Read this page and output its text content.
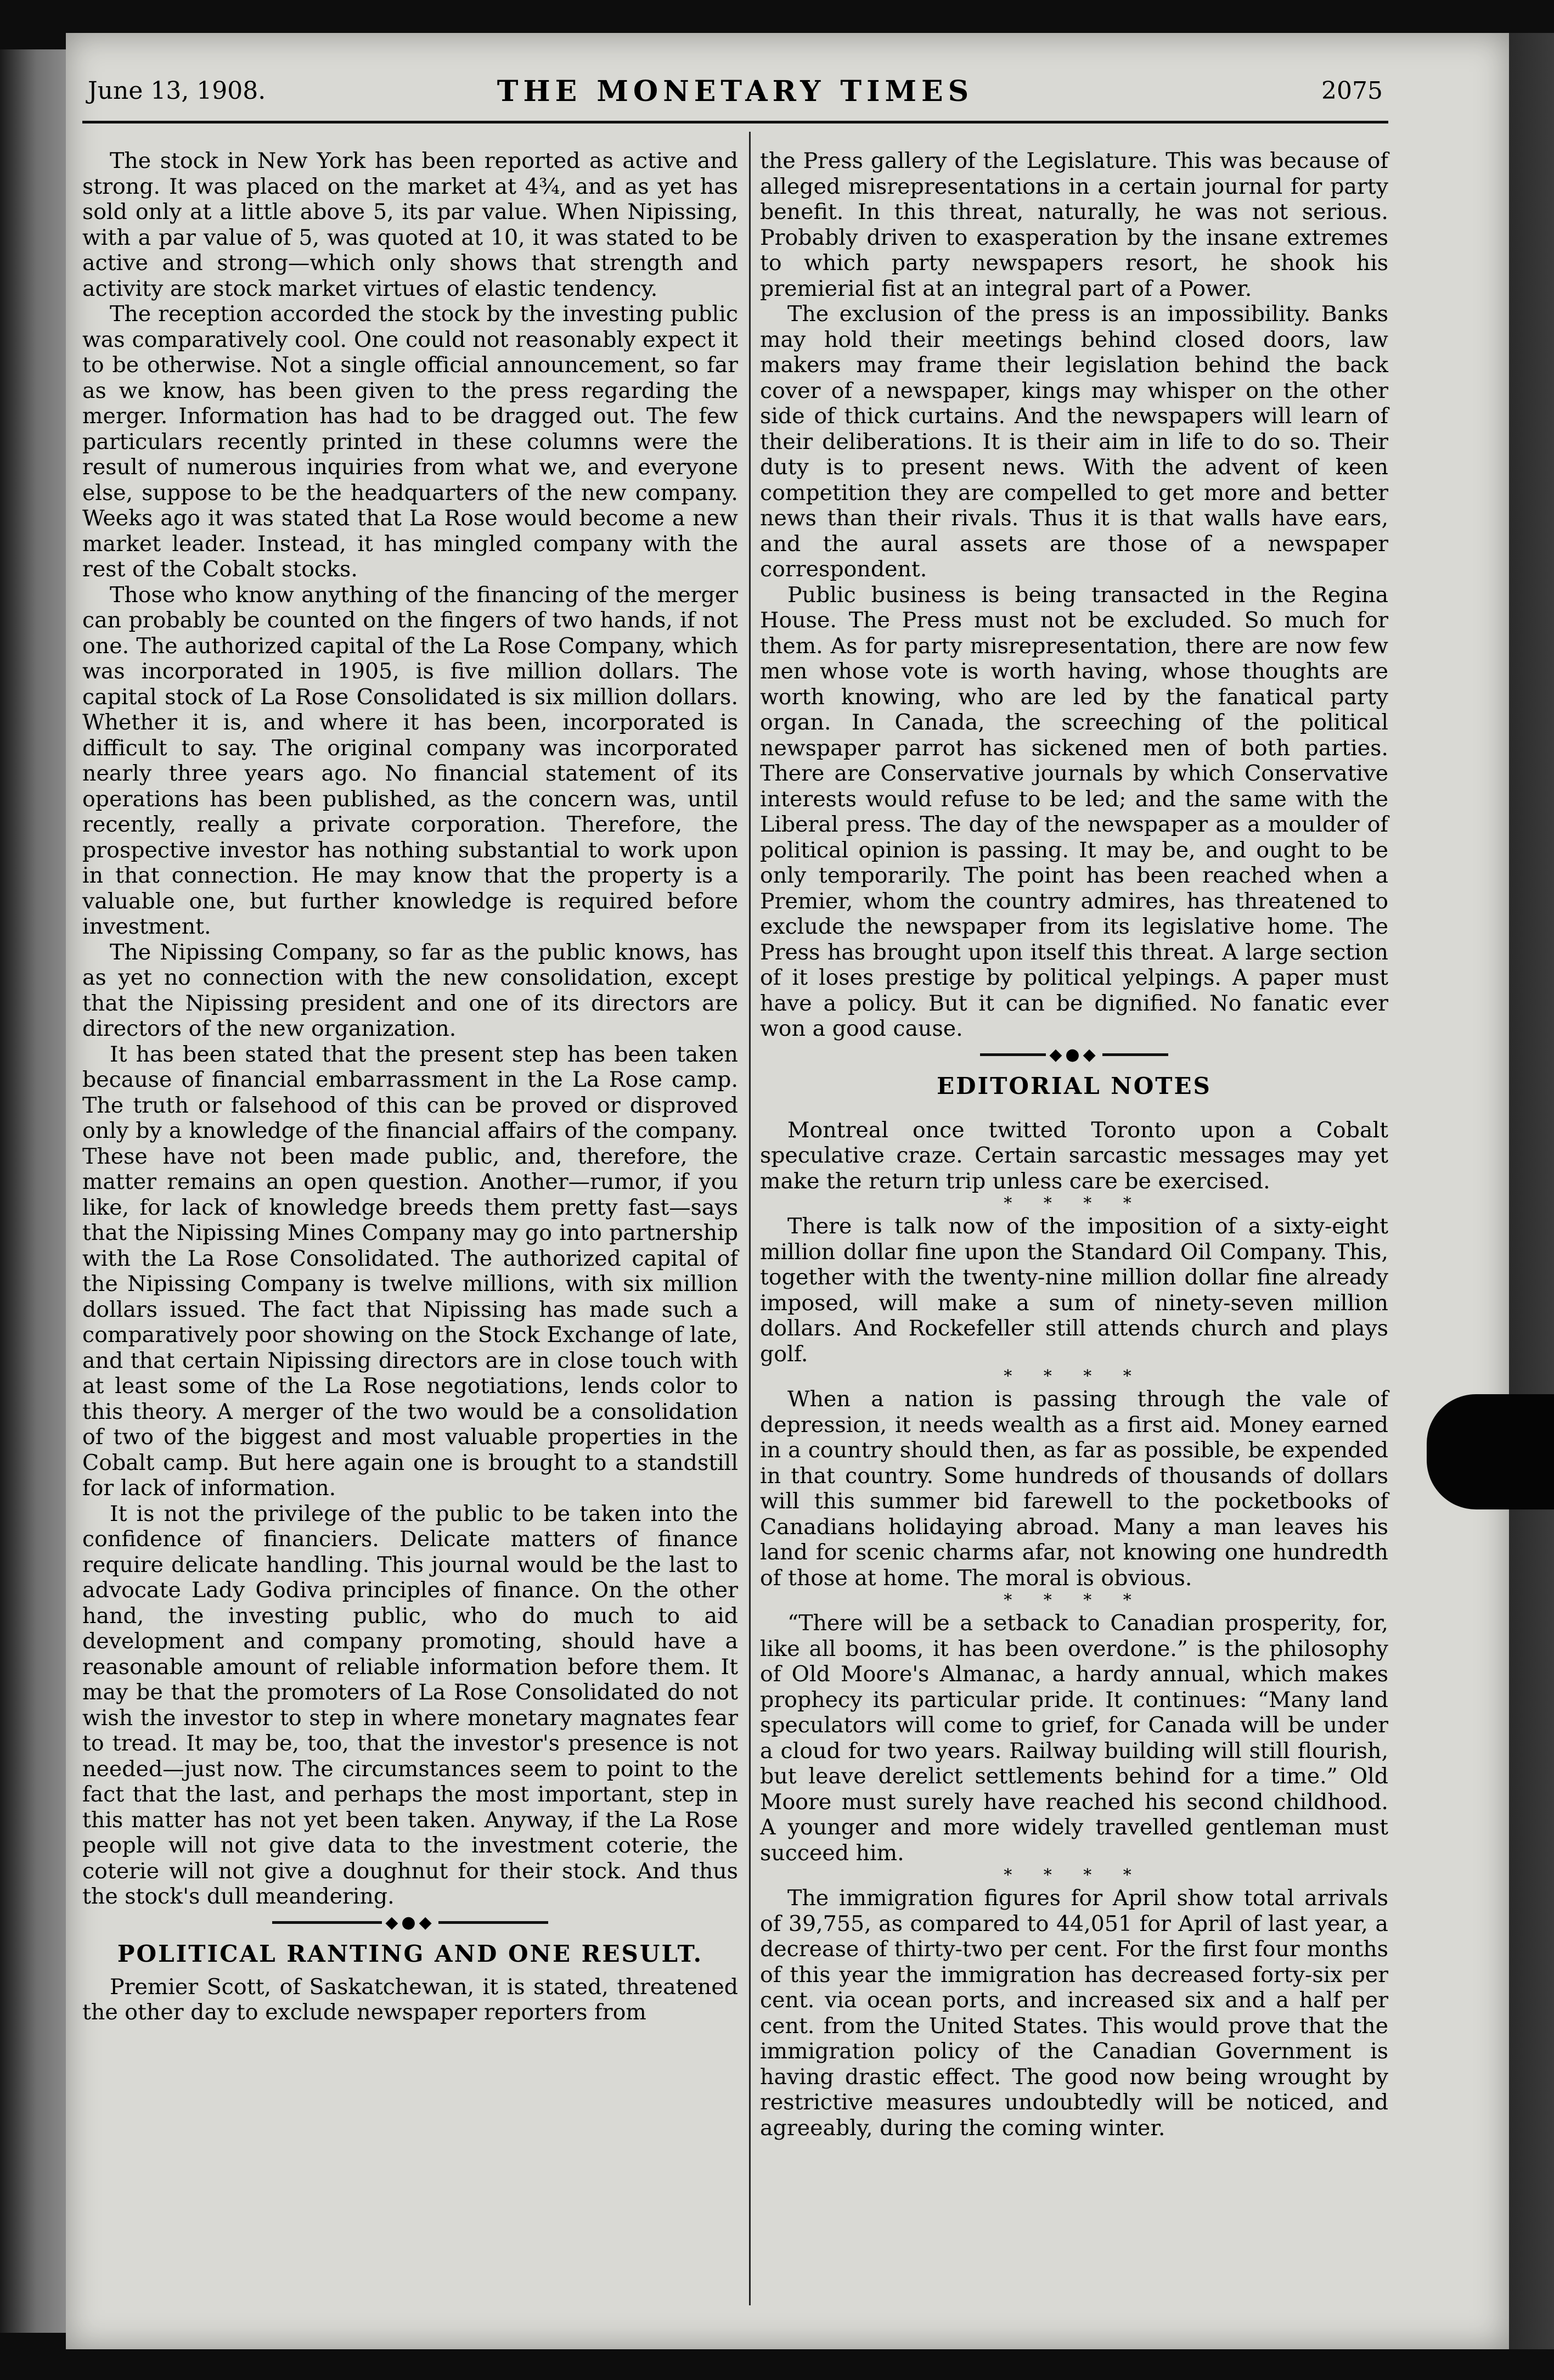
June 13, 1908.	THE MONETARY TIMES	2075

The stock in New York has been reported as active and strong. It was placed on the market at 4¾, and as yet has sold only at a little above 5, its par value. When Nipissing, with a par value of 5, was quoted at 10, it was stated to be active and strong—which only shows that strength and activity are stock market virtues of elastic tendency.

The reception accorded the stock by the investing public was comparatively cool. One could not reasonably expect it to be otherwise. Not a single official announcement, so far as we know, has been given to the press regarding the merger. Information has had to be dragged out. The few particulars recently printed in these columns were the result of numerous inquiries from what we, and everyone else, suppose to be the headquarters of the new company. Weeks ago it was stated that La Rose would become a new market leader. Instead, it has mingled company with the rest of the Cobalt stocks.

Those who know anything of the financing of the merger can probably be counted on the fingers of two hands, if not one. The authorized capital of the La Rose Company, which was incorporated in 1905, is five million dollars. The capital stock of La Rose Consolidated is six million dollars. Whether it is, and where it has been, incorporated is difficult to say. The original company was incorporated nearly three years ago. No financial statement of its operations has been published, as the concern was, until recently, really a private corporation. Therefore, the prospective investor has nothing substantial to work upon in that connection. He may know that the property is a valuable one, but further knowledge is required before investment.

The Nipissing Company, so far as the public knows, has as yet no connection with the new consolidation, except that the Nipissing president and one of its directors are directors of the new organization.

It has been stated that the present step has been taken because of financial embarrassment in the La Rose camp. The truth or falsehood of this can be proved or disproved only by a knowledge of the financial affairs of the company. These have not been made public, and, therefore, the matter remains an open question. Another—rumor, if you like, for lack of knowledge breeds them pretty fast—says that the Nipissing Mines Company may go into partnership with the La Rose Consolidated. The authorized capital of the Nipissing Company is twelve millions, with six million dollars issued. The fact that Nipissing has made such a comparatively poor showing on the Stock Exchange of late, and that certain Nipissing directors are in close touch with at least some of the La Rose negotiations, lends color to this theory. A merger of the two would be a consolidation of two of the biggest and most valuable properties in the Cobalt camp. But here again one is brought to a standstill for lack of information.

It is not the privilege of the public to be taken into the confidence of financiers. Delicate matters of finance require delicate handling. This journal would be the last to advocate Lady Godiva principles of finance. On the other hand, the investing public, who do much to aid development and company promoting, should have a reasonable amount of reliable information before them. It may be that the promoters of La Rose Consolidated do not wish the investor to step in where monetary magnates fear to tread. It may be, too, that the investor's presence is not needed—just now. The circumstances seem to point to the fact that the last, and perhaps the most important, step in this matter has not yet been taken. Anyway, if the La Rose people will not give data to the investment coterie, the coterie will not give a doughnut for their stock. And thus the stock's dull meandering.

◆●◆
POLITICAL RANTING AND ONE RESULT.

Premier Scott, of Saskatchewan, it is stated, threatened the other day to exclude newspaper reporters from

the Press gallery of the Legislature. This was because of alleged misrepresentations in a certain journal for party benefit. In this threat, naturally, he was not serious. Probably driven to exasperation by the insane extremes to which party newspapers resort, he shook his premierial fist at an integral part of a Power.

The exclusion of the press is an impossibility. Banks may hold their meetings behind closed doors, law makers may frame their legislation behind the back cover of a newspaper, kings may whisper on the other side of thick curtains. And the newspapers will learn of their deliberations. It is their aim in life to do so. Their duty is to present news. With the advent of keen competition they are compelled to get more and better news than their rivals. Thus it is that walls have ears, and the aural assets are those of a newspaper correspondent.

Public business is being transacted in the Regina House. The Press must not be excluded. So much for them. As for party misrepresentation, there are now few men whose vote is worth having, whose thoughts are worth knowing, who are led by the fanatical party organ. In Canada, the screeching of the political newspaper parrot has sickened men of both parties. There are Conservative journals by which Conservative interests would refuse to be led; and the same with the Liberal press. The day of the newspaper as a moulder of political opinion is passing. It may be, and ought to be only temporarily. The point has been reached when a Premier, whom the country admires, has threatened to exclude the newspaper from its legislative home. The Press has brought upon itself this threat. A large section of it loses prestige by political yelpings. A paper must have a policy. But it can be dignified. No fanatic ever won a good cause.

◆●◆
EDITORIAL NOTES

Montreal once twitted Toronto upon a Cobalt speculative craze. Certain sarcastic messages may yet make the return trip unless care be exercised.

* * * *

There is talk now of the imposition of a sixty-eight million dollar fine upon the Standard Oil Company. This, together with the twenty-nine million dollar fine already imposed, will make a sum of ninety-seven million dollars. And Rockefeller still attends church and plays golf.

* * * *

When a nation is passing through the vale of depression, it needs wealth as a first aid. Money earned in a country should then, as far as possible, be expended in that country. Some hundreds of thousands of dollars will this summer bid farewell to the pocketbooks of Canadians holidaying abroad. Many a man leaves his land for scenic charms afar, not knowing one hundredth of those at home. The moral is obvious.

* * * *

“There will be a setback to Canadian prosperity, for, like all booms, it has been overdone.” is the philosophy of Old Moore's Almanac, a hardy annual, which makes prophecy its particular pride. It continues: “Many land speculators will come to grief, for Canada will be under a cloud for two years. Railway building will still flourish, but leave derelict settlements behind for a time.” Old Moore must surely have reached his second childhood. A younger and more widely travelled gentleman must succeed him.

* * * *

The immigration figures for April show total arrivals of 39,755, as compared to 44,051 for April of last year, a decrease of thirty-two per cent. For the first four months of this year the immigration has decreased forty-six per cent. via ocean ports, and increased six and a half per cent. from the United States. This would prove that the immigration policy of the Canadian Government is having drastic effect. The good now being wrought by restrictive measures undoubtedly will be noticed, and agreeably, during the coming winter.
